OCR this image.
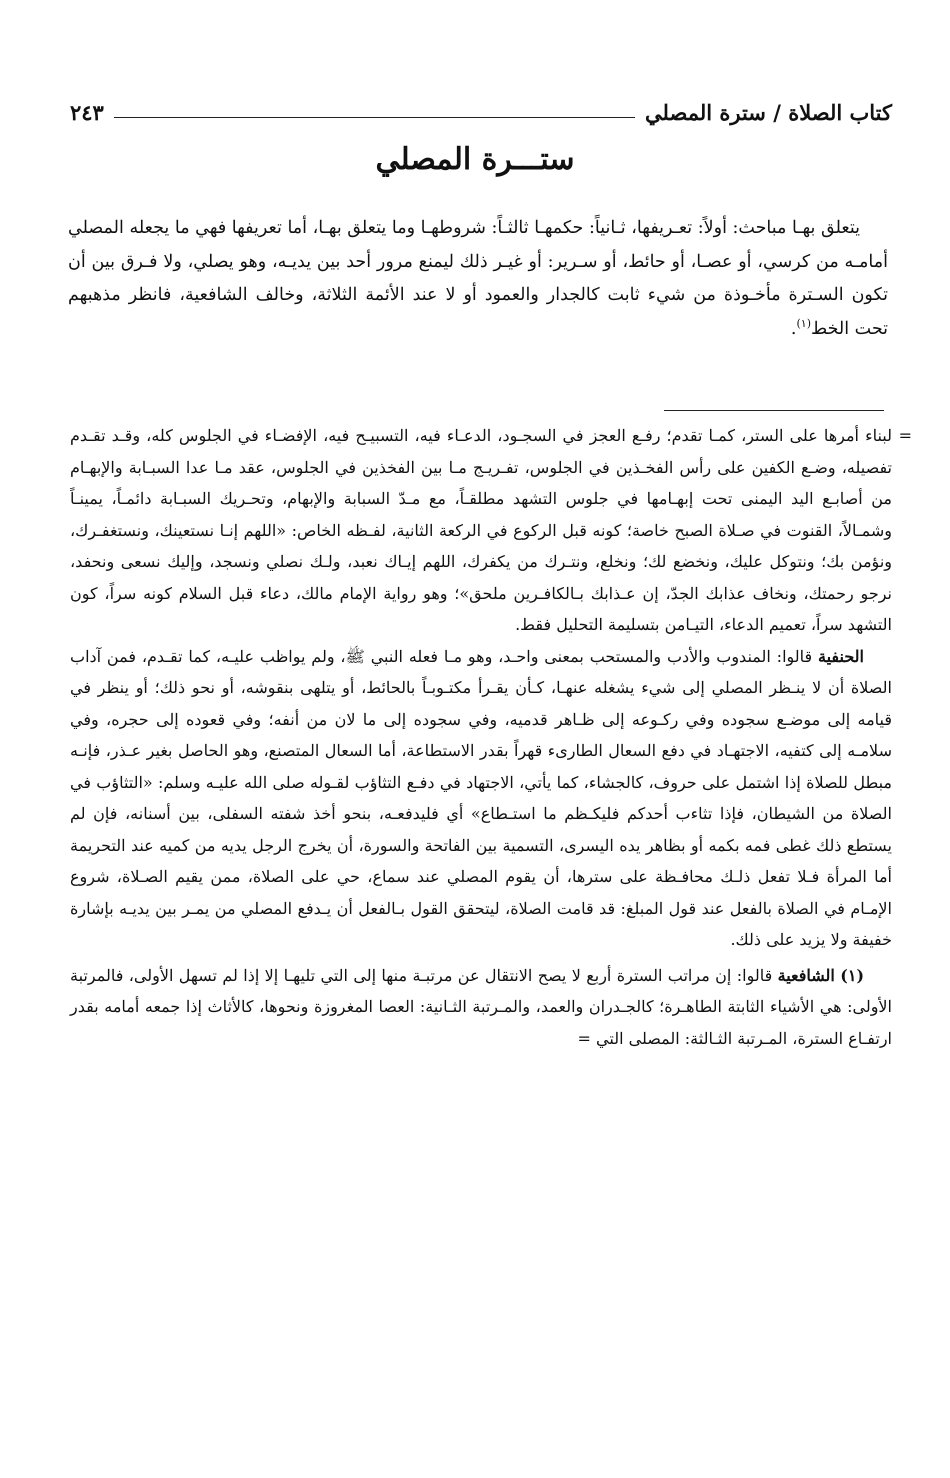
كتاب الصلاة / سترة المصلي
٢٤٣
ستـــرة المصلي

يتعلق بهـا مباحث: أولاً: تعـريفها، ثـانياً: حكمهـا ثالثـاً: شروطهـا وما يتعلق بهـا، أما تعريفها فهي ما يجعله المصلي أمامـه من كرسي، أو عصـا، أو حائط، أو سـرير: أو غيـر ذلك ليمنع مرور أحد بين يديـه، وهو يصلي، ولا فـرق بين أن تكون السـترة مأخـوذة من شيء ثابت كالجدار والعمود أو لا عند الأئمة الثلاثة، وخالف الشافعية، فانظر مذهبهم تحت الخط$^{(١)}$.

=
لبناء أمرها على الستر، كمـا تقدم؛ رفـع العجز في السجـود، الدعـاء فيه، التسبيـح فيه، الإفضـاء في الجلوس كله، وقـد تقـدم تفصيله، وضـع الكفين على رأس الفخـذين في الجلوس، تفـريـج مـا بين الفخذين في الجلوس، عقد مـا عدا السبـابة والإبهـام من أصابـع اليد اليمنى تحت إبهـامها في جلوس التشهد مطلقـاً، مع مـدّ السبابة والإبهام، وتحـريك السبـابة دائمـاً، يمينـاً وشمـالاً، القنوت في صـلاة الصبح خاصة؛ كونه قبل الركوع في الركعة الثانية، لفـظه الخاص: «اللهم إنـا نستعينك، ونستغفـرك، ونؤمن بك؛ ونتوكل عليك، ونخضع لك؛ ونخلع، ونتـرك من يكفرك، اللهم إيـاك نعبد، ولـك نصلي ونسجد، وإليك نسعى ونحفد، نرجو رحمتك، ونخاف عذابك الجدّ، إن عـذابك بـالكافـرين ملحق»؛ وهو رواية الإمام مالك، دعاء قبل السلام كونه سراً، كون التشهد سراً، تعميم الدعاء، التيـامن بتسليمة التحليل فقط.

الحنفية قالوا: المندوب والأدب والمستحب بمعنى واحـد، وهو مـا فعله النبي ﷺ، ولم يواظب عليـه، كما تقـدم، فمن آداب الصلاة أن لا ينـظر المصلي إلى شيء يشغله عنهـا، كـأن يقـرأ مكتـوبـاً بالحائط، أو يتلهى بنقوشه، أو نحو ذلك؛ أو ينظر في قيامه إلى موضـع سجوده وفي ركـوعه إلى ظـاهر قدميه، وفي سجوده إلى ما لان من أنفه؛ وفي قعوده إلى حجره، وفي سلامـه إلى كتفيه، الاجتهـاد في دفع السعال الطارىء قهراً بقدر الاستطاعة، أما السعال المتصنع، وهو الحاصل بغير عـذر، فإنـه مبطل للصلاة إذا اشتمل على حروف، كالجشاء، كما يأتي، الاجتهاد في دفـع التثاؤب لقـوله صلى الله عليـه وسلم: «التثاؤب في الصلاة من الشيطان، فإذا تثاءب أحدكم فليكـظم ما استـطاع» أي فليدفعـه، بنحو أخذ شفته السفلى، بين أسنانه، فإن لم يستطع ذلك غطى فمه بكمه أو بظاهر يده اليسرى، التسمية بين الفاتحة والسورة، أن يخرج الرجل يديه من كميه عند التحريمة أما المرأة فـلا تفعل ذلـك محافـظة على سترها، أن يقوم المصلي عند سماع، حي على الصلاة، ممن يقيم الصـلاة، شروع الإمـام في الصلاة بالفعل عند قول المبلغ: قد قامت الصلاة، ليتحقق القول بـالفعل أن يـدفع المصلي من يمـر بين يديـه بإشارة خفيفة ولا يزيد على ذلك.

(١) الشافعية قالوا: إن مراتب السترة أربع لا يصح الانتقال عن مرتبـة منها إلى التي تليهـا إلا إذا لم تسهل الأولى، فالمرتبة الأولى: هي الأشياء الثابتة الطاهـرة؛ كالجـدران والعمد، والمـرتبة الثـانية: العصا المغروزة ونحوها، كالأثاث إذا جمعه أمامه بقدر ارتفـاع السترة، المـرتبة الثـالثة: المصلى التي =
